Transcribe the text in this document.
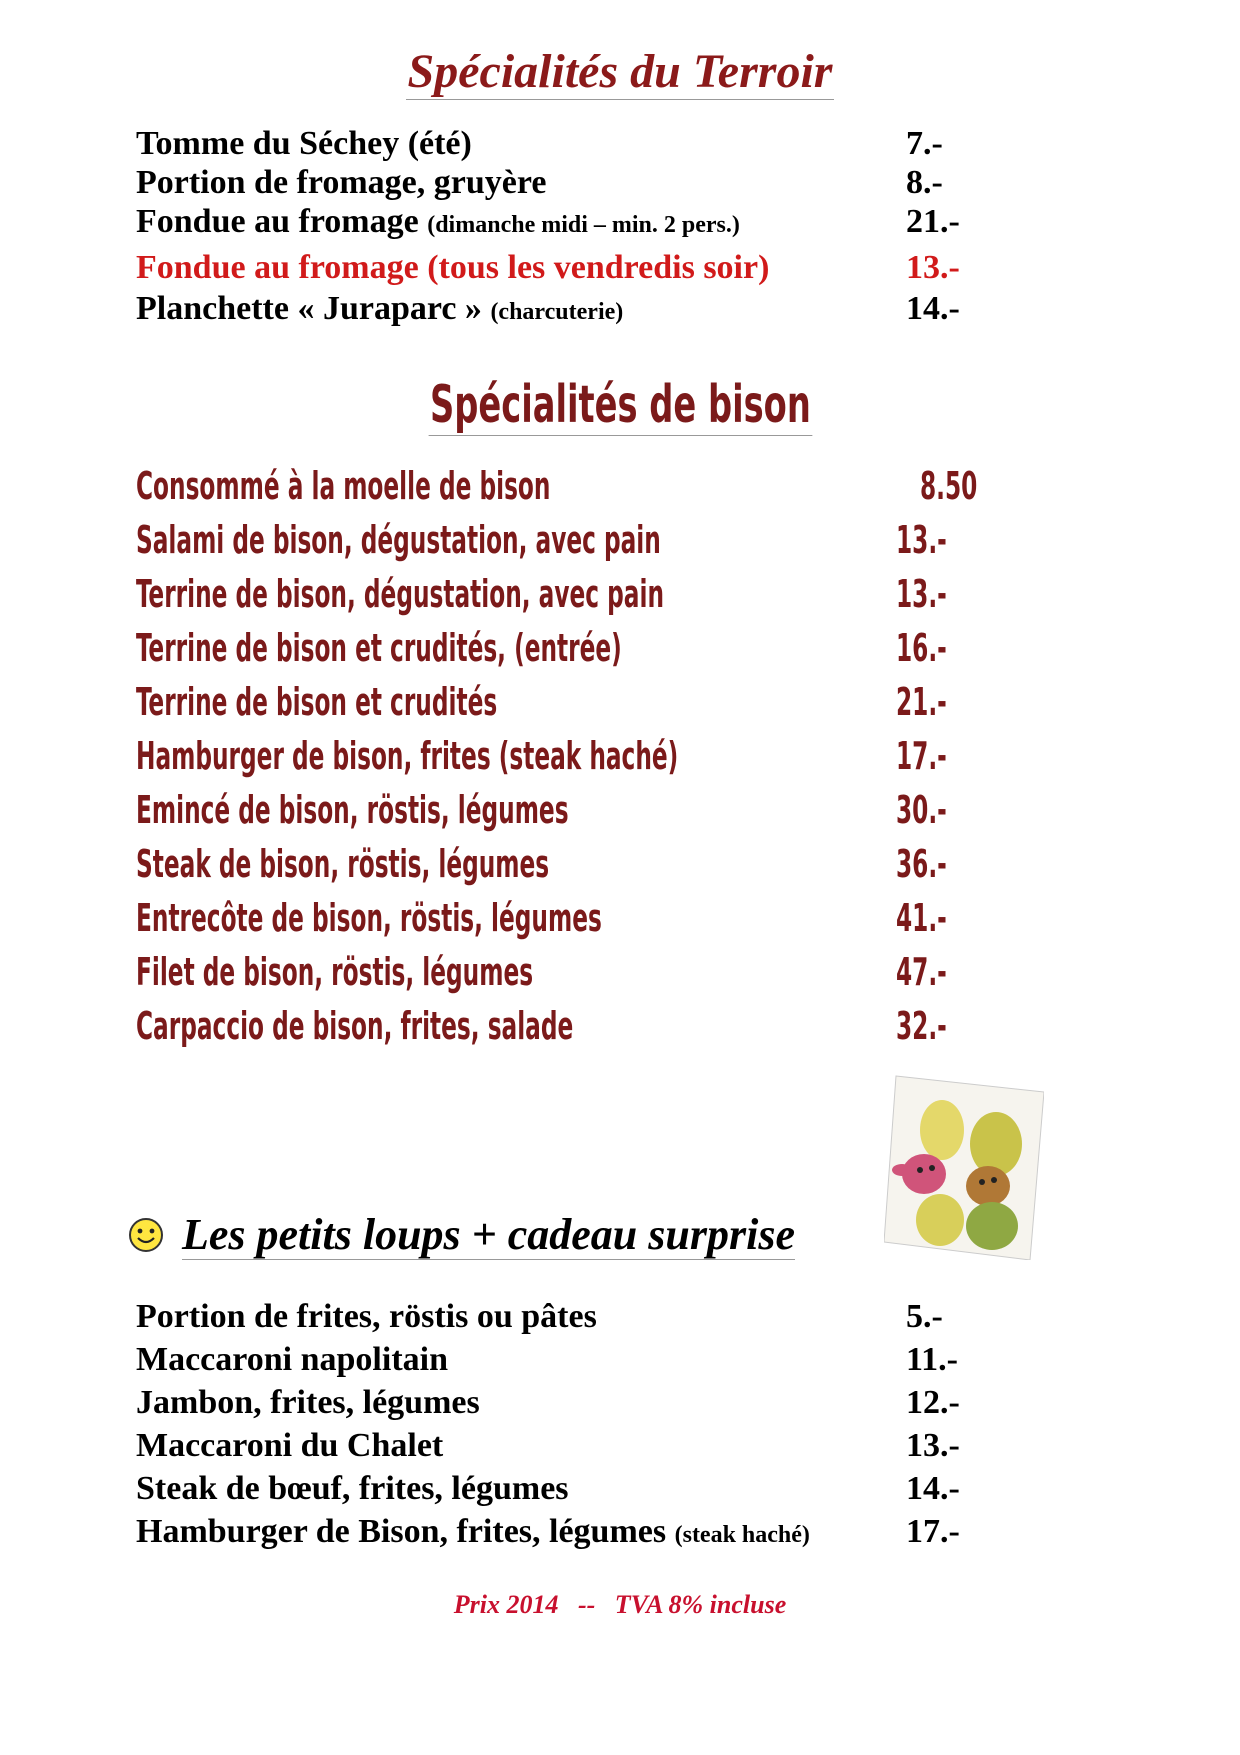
Spécialités du Terroir
Tomme du Séchey (été)	7.-
Portion de fromage, gruyère	8.-
Fondue au fromage (dimanche midi – min. 2 pers.)	21.-
Fondue au fromage (tous les vendredis soir)	13.-
Planchette « Juraparc » (charcuterie)	14.-
Spécialités de bison
Consommé à la moelle de bison	8.50
Salami de bison, dégustation, avec pain	13.-
Terrine de bison, dégustation, avec pain	13.-
Terrine de bison et crudités, (entrée)	16.-
Terrine de bison et crudités	21.-
Hamburger de bison, frites (steak haché)	17.-
Emincé de bison, röstis, légumes	30.-
Steak de bison, röstis, légumes	36.-
Entrecôte de bison, röstis, légumes	41.-
Filet de bison, röstis, légumes	47.-
Carpaccio de bison, frites, salade	32.-
Les petits loups + cadeau surprise
Portion de frites, röstis ou pâtes	5.-
Maccaroni napolitain	11.-
Jambon, frites, légumes	12.-
Maccaroni du Chalet	13.-
Steak de bœuf, frites, légumes	14.-
Hamburger de Bison, frites, légumes (steak haché)	17.-
Prix 2014   --   TVA 8% incluse
